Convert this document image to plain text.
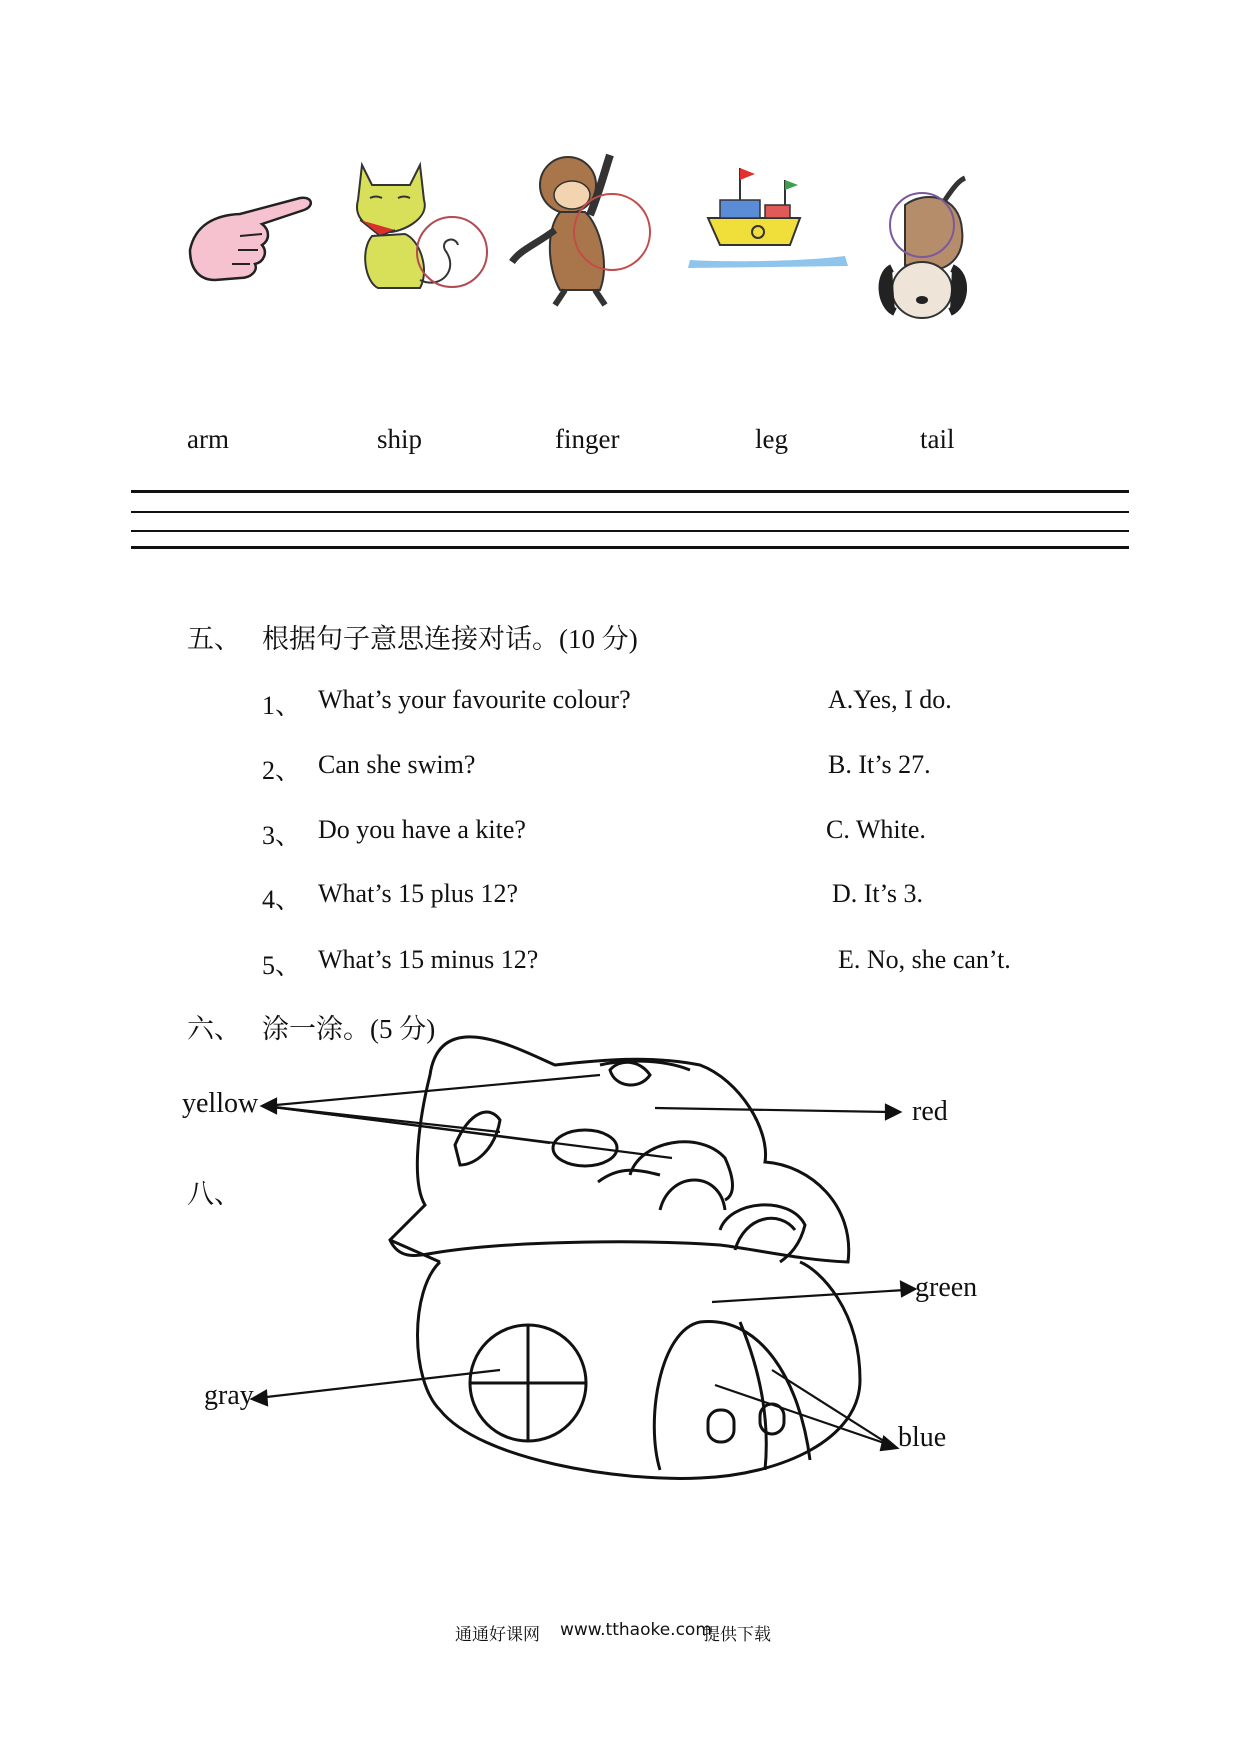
arm	ship	finger	leg	tail
五、 根据句子意思连接对话。(10 分)
1、 What’s your favourite colour?
2、 Can she swim?
3、 Do you have a kite?
4、 What’s 15 plus 12?
5、 What’s 15 minus 12?
A.Yes, I do.
B. It’s 27.
C. White.
D. It’s 3.
E. No, she can’t.
六、 涂一涂。(5 分)
yellow	red
green
gray
blue
八、
通通好课网 www.tthaoke.com
提供下载
